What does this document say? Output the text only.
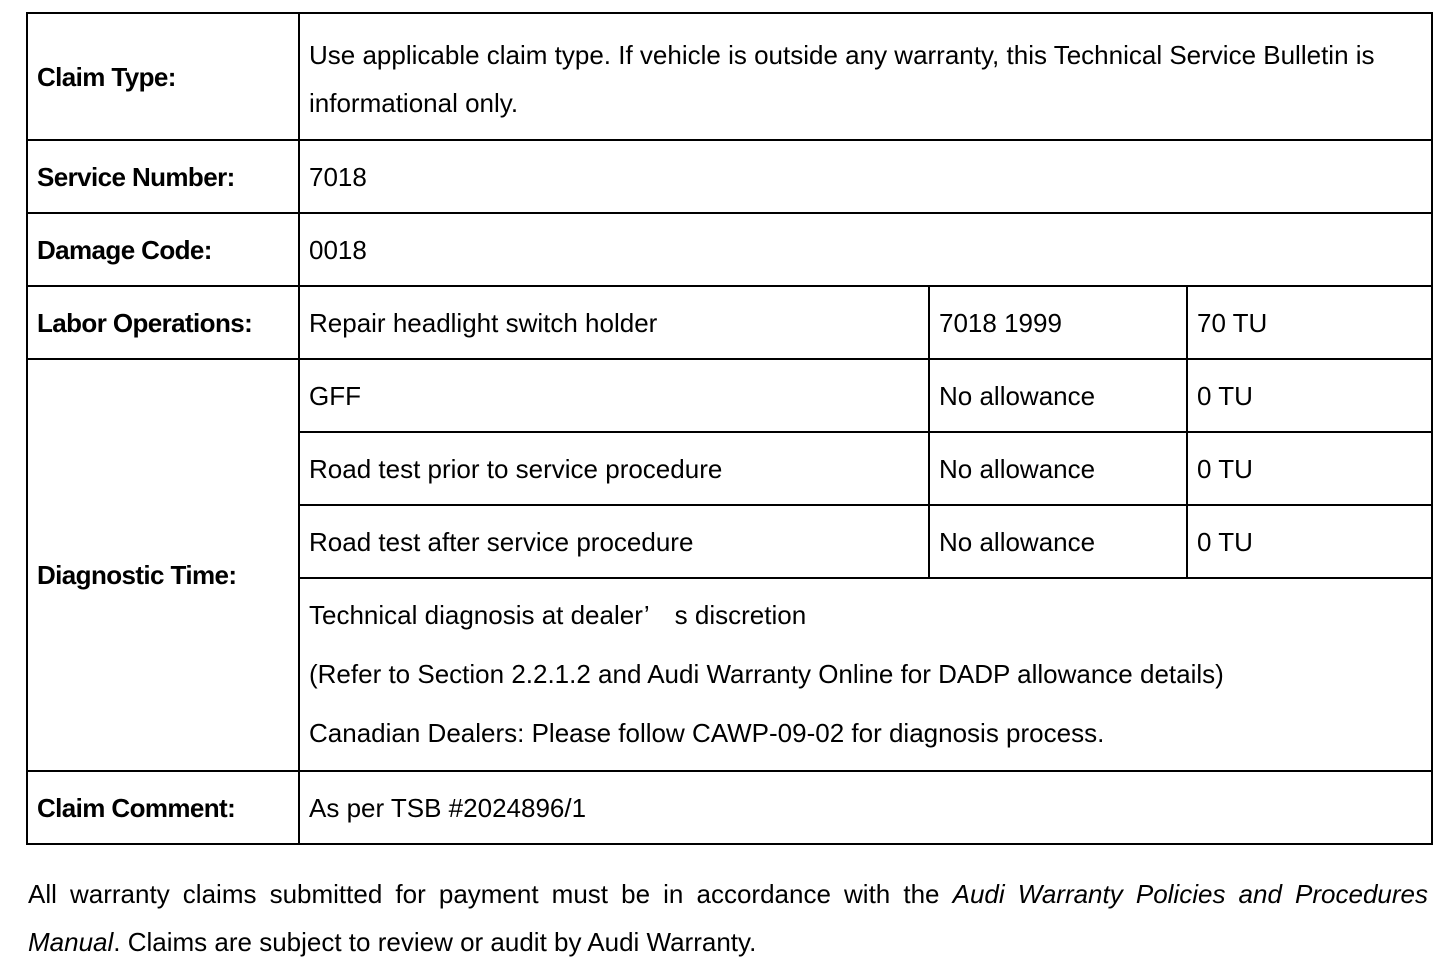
Claim Type:	Use applicable claim type. If vehicle is outside any warranty, this Technical Service Bulletin is informational only.		
Service Number:	7018		
Damage Code:	0018		
Labor Operations:	Repair headlight switch holder	7018 1999	70 TU
Diagnostic Time:	GFF	No allowance	0 TU
	Road test prior to service procedure	No allowance	0 TU
	Road test after service procedure	No allowance	0 TU

	Technical diagnosis at dealer’　s discretion

(Refer to Section 2.2.1.2 and Audi Warranty Online for DADP allowance details)

Canadian Dealers: Please follow CAWP-09-02 for diagnosis process.		

Claim Comment:	As per TSB #2024896/1		
All warranty claims submitted for payment must be in accordance with the Audi Warranty Policies and Procedures Manual. Claims are subject to review or audit by Audi Warranty.
